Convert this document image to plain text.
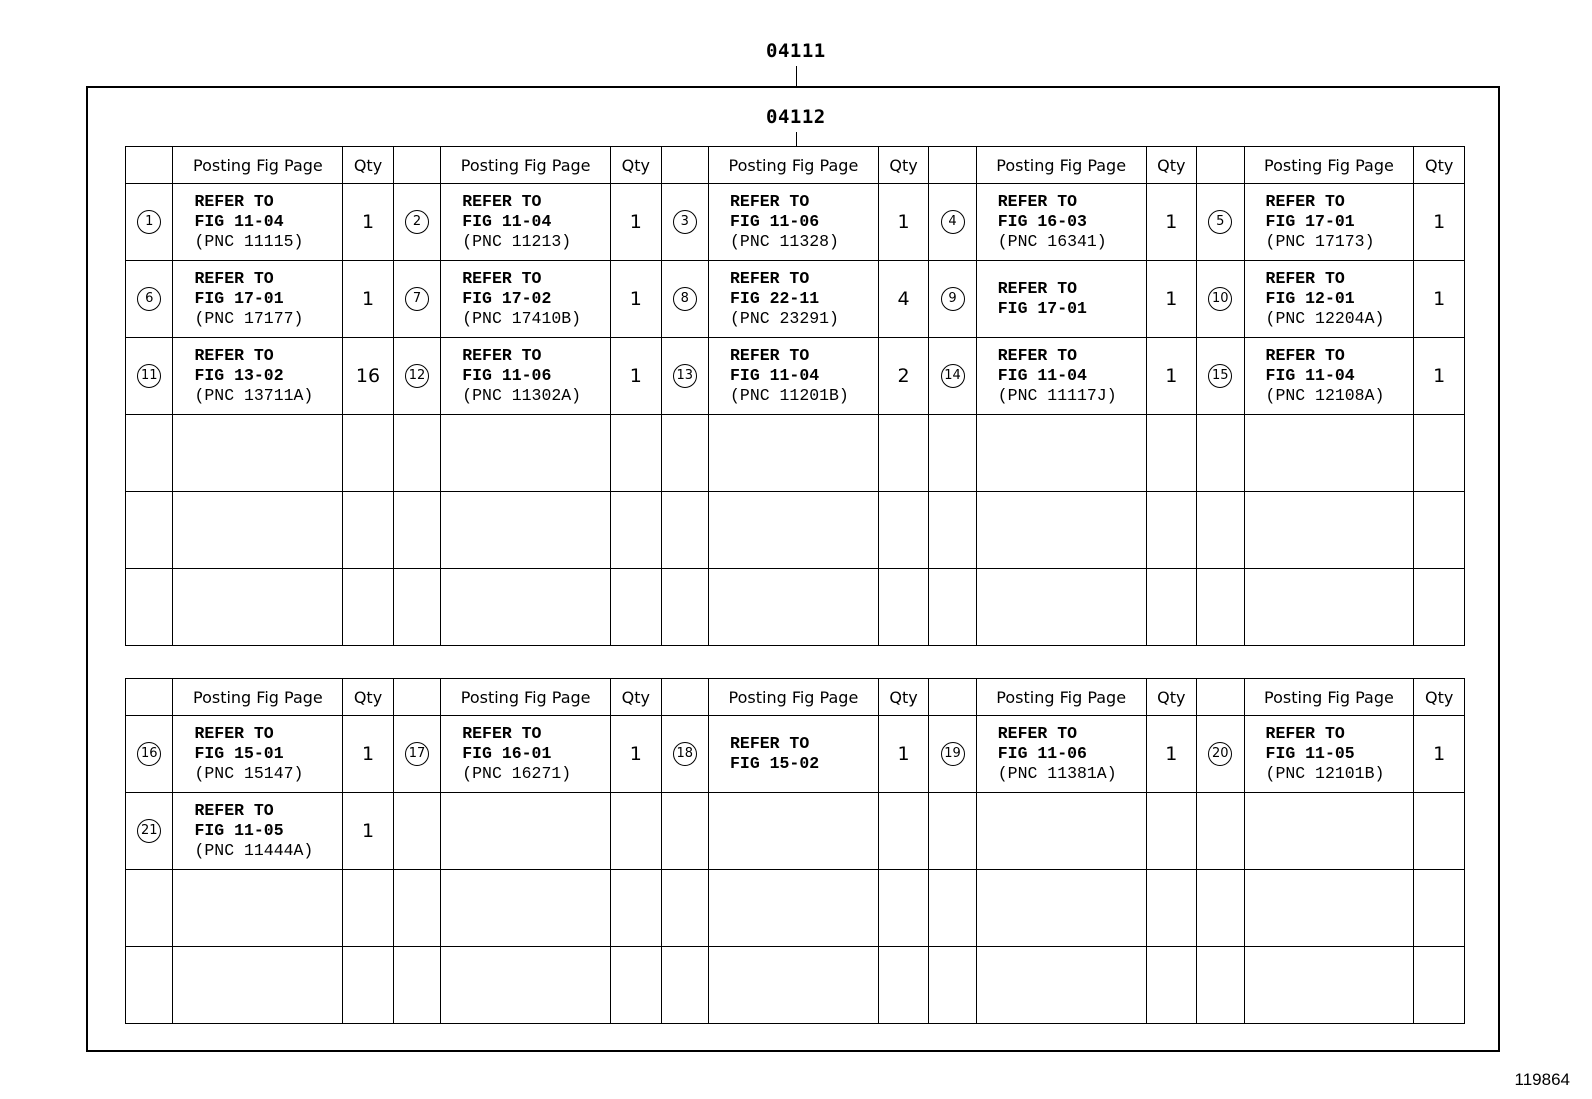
04111
04112
	Posting Fig Page	Qty		Posting Fig Page	Qty		Posting Fig Page	Qty		Posting Fig Page	Qty		Posting Fig Page	Qty
1	REFER TO
FIG 11-04
(PNC 11115)	1	2	REFER TO
FIG 11-04
(PNC 11213)	1	3	REFER TO
FIG 11-06
(PNC 11328)	1	4	REFER TO
FIG 16-03
(PNC 16341)	1	5	REFER TO
FIG 17-01
(PNC 17173)	1
6	REFER TO
FIG 17-01
(PNC 17177)	1	7	REFER TO
FIG 17-02
(PNC 17410B)	1	8	REFER TO
FIG 22-11
(PNC 23291)	4	9	REFER TO
FIG 17-01	1	10	REFER TO
FIG 12-01
(PNC 12204A)	1
11	REFER TO
FIG 13-02
(PNC 13711A)	16	12	REFER TO
FIG 11-06
(PNC 11302A)	1	13	REFER TO
FIG 11-04
(PNC 11201B)	2	14	REFER TO
FIG 11-04
(PNC 11117J)	1	15	REFER TO
FIG 11-04
(PNC 12108A)	1

	Posting Fig Page	Qty		Posting Fig Page	Qty		Posting Fig Page	Qty		Posting Fig Page	Qty		Posting Fig Page	Qty
16	REFER TO
FIG 15-01
(PNC 15147)	1	17	REFER TO
FIG 16-01
(PNC 16271)	1	18	REFER TO
FIG 15-02	1	19	REFER TO
FIG 11-06
(PNC 11381A)	1	20	REFER TO
FIG 11-05
(PNC 12101B)	1
21	REFER TO
FIG 11-05
(PNC 11444A)	1												

119864
